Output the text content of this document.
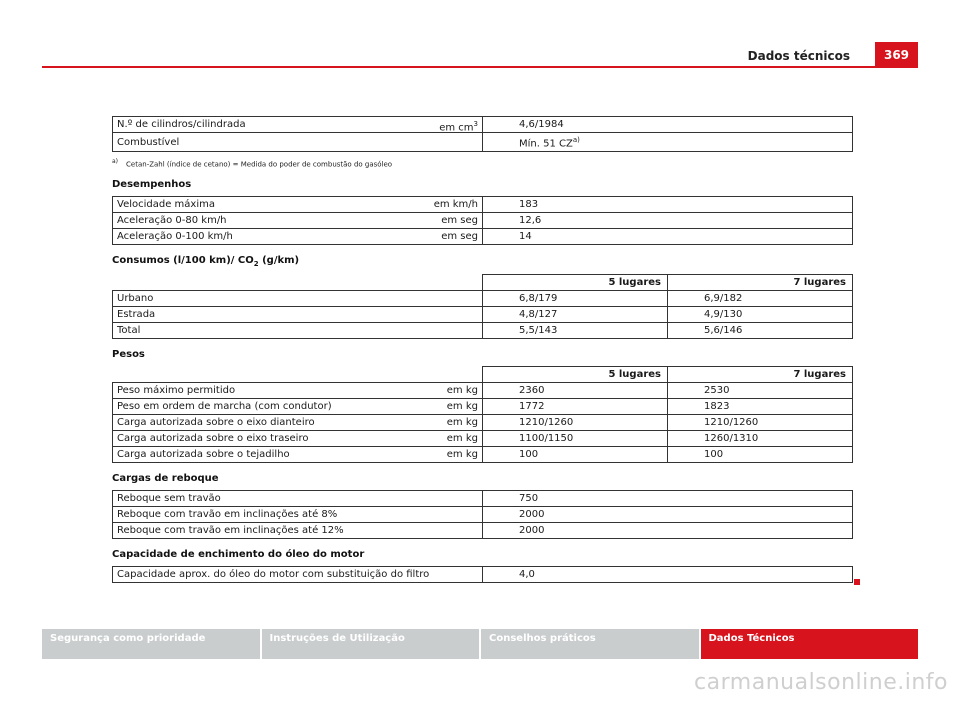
Dados técnicos	369
N.º de cilindros/cilindrada em $cm^3$	4,6/1984
Combustível	Mín. 51 CZ$^{a)}$
$^{a)}$ Cetan-Zahl (índice de cetano) = Medida do poder de combustão do gasóleo
Desempenhos
Velocidade máxima	em km/h	183
Aceleração 0-80 km/h	em seg	12,6
Aceleração 0-100 km/h	em seg	14
Consumos (l/100 km)/ $CO_2$ (g/km)
	5 lugares	7 lugares
Urbano	6,8/179	6,9/182
Estrada	4,8/127	4,9/130
Total	5,5/143	5,6/146
Pesos
		5 lugares	7 lugares
Peso máximo permitido	em kg	2360	2530
Peso em ordem de marcha (com condutor)	em kg	1772	1823
Carga autorizada sobre o eixo dianteiro	em kg	1210/1260	1210/1260
Carga autorizada sobre o eixo traseiro	em kg	1100/1150	1260/1310
Carga autorizada sobre o tejadilho	em kg	100	100
Cargas de reboque
Reboque sem travão	750
Reboque com travão em inclinações até 8%	2000
Reboque com travão em inclinações até 12%	2000
Capacidade de enchimento do óleo do motor
Capacidade aprox. do óleo do motor com substituição do filtro	4,0
Segurança como prioridade	Instruções de Utilização	Conselhos práticos	Dados Técnicos
carmanualsonline.info
